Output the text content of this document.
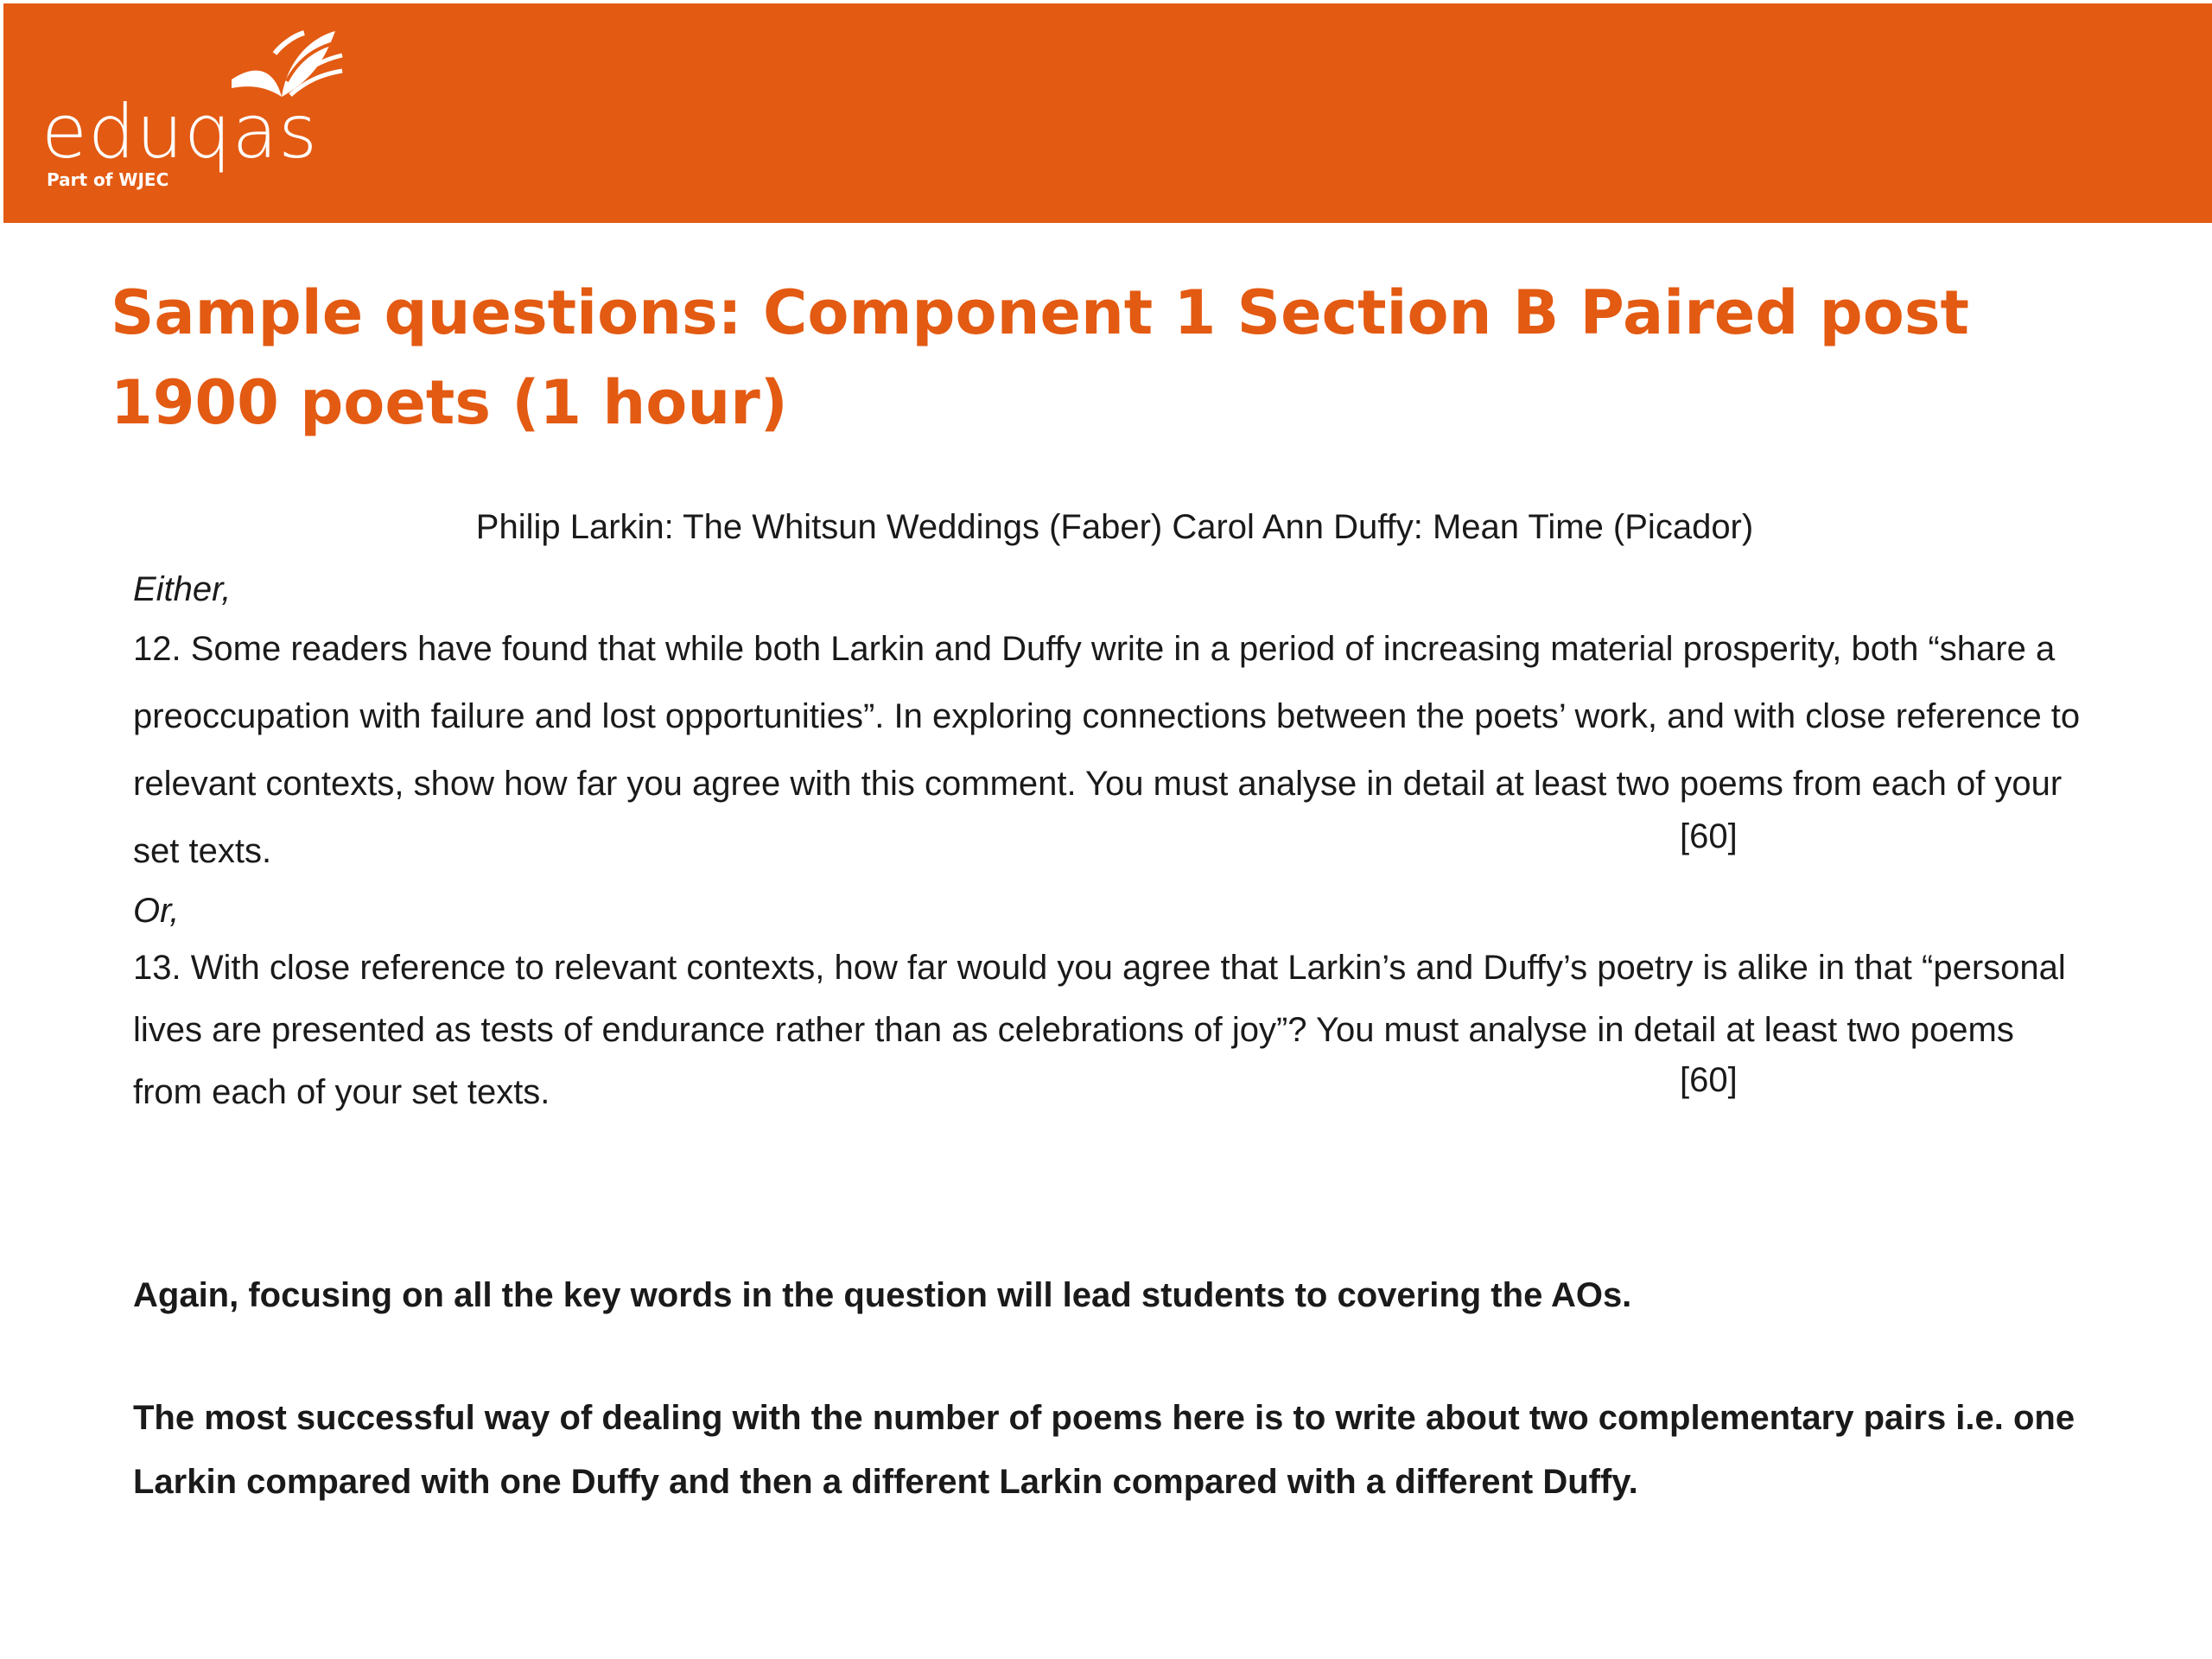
eduqas
Part of WJEC
Sample questions: Component 1 Section B Paired post 1900 poets (1 hour)
Philip Larkin: The Whitsun Weddings (Faber) Carol Ann Duffy: Mean Time (Picador)
Either,
12. Some readers have found that while both Larkin and Duffy write in a period of increasing material prosperity, both “share a preoccupation with failure and lost opportunities”. In exploring connections between the poets’ work, and with close reference to relevant contexts, show how far you agree with this comment. You must analyse in detail at least two poems from each of your set texts.	[60]
Or,
13. With close reference to relevant contexts, how far would you agree that Larkin’s and Duffy’s poetry is alike in that “personal lives are presented as tests of endurance rather than as celebrations of joy”? You must analyse in detail at least two poems from each of your set texts.	[60]
Again, focusing on all the key words in the question will lead students to covering the AOs.
The most successful way of dealing with the number of poems here is to write about two complementary pairs i.e. one Larkin compared with one Duffy and then a different Larkin compared with a different Duffy.
